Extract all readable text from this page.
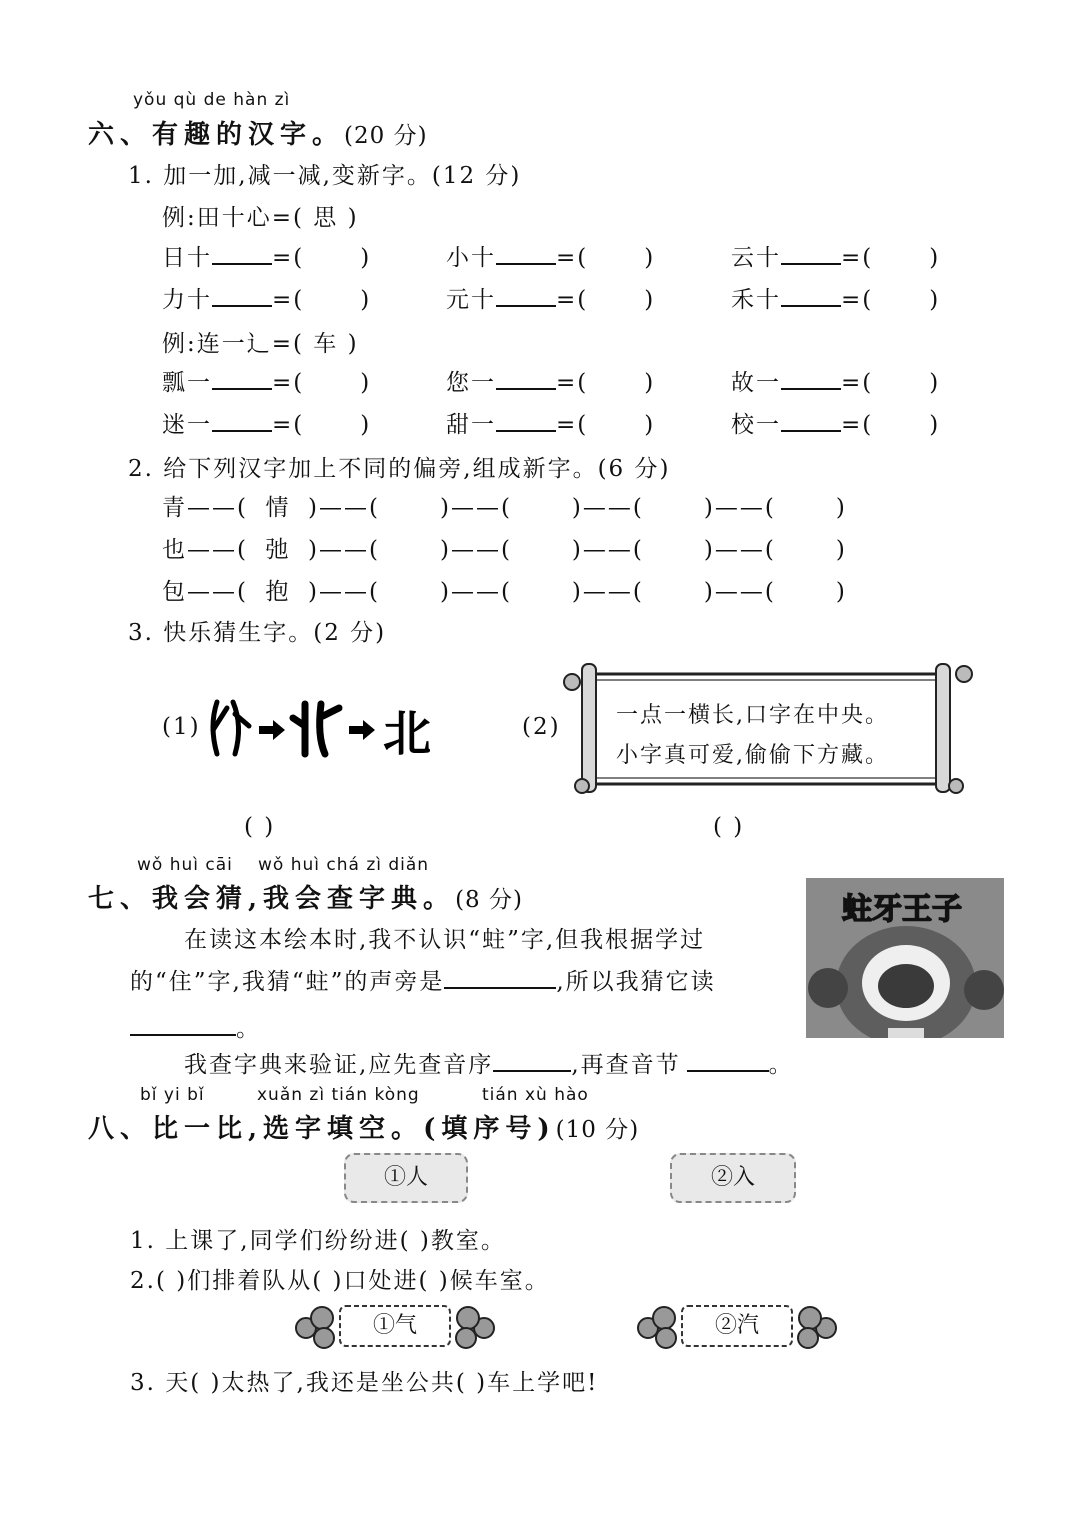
yǒu qù de hàn zì
六、有趣的汉字。(20 分)
1. 加一加,减一减,变新字。(12 分)
例:田十心=( 思 )
日十	=( )	小十	=( )	云十	=( )
力十	=( )	元十	=( )	禾十	=( )
例:连一辶=( 车 )
瓢一	=( )	您一	=( )	故一	=( )
迷一	=( )	甜一	=( )	校一	=( )
2. 给下列汉字加上不同的偏旁,组成新字。(6 分)
青——( 情 )——(	)——(	)——(	)——(	)
也——( 弛 )——(	)——(	)——(	)——(	)
包——( 抱 )——(	)——(	)——(	)——(	)
3. 快乐猜生字。(2 分)
(1)	北	(2)	一点一横长,口字在中央。
小字真可爱,偷偷下方藏。
( )	( )
wǒ huì cāi wǒ huì chá zì diǎn
七、我会猜,我会查字典。(8 分)
在读这本绘本时,我不认识“蛀”字,但我根据学过
的“住”字,我猜“蛀”的声旁是	,所以我猜它读
。
我查字典来验证,应先查音序	,再查音节	。
蛀牙王子
bǐ yi bǐ	xuǎn zì tián kòng	tián xù hào
八、比一比,选字填空。(填序号)(10 分)
①人	②入
1. 上课了,同学们纷纷进( )教室。
2.( )们排着队从( )口处进( )候车室。
①气	②汽
3. 天( )太热了,我还是坐公共( )车上学吧!
